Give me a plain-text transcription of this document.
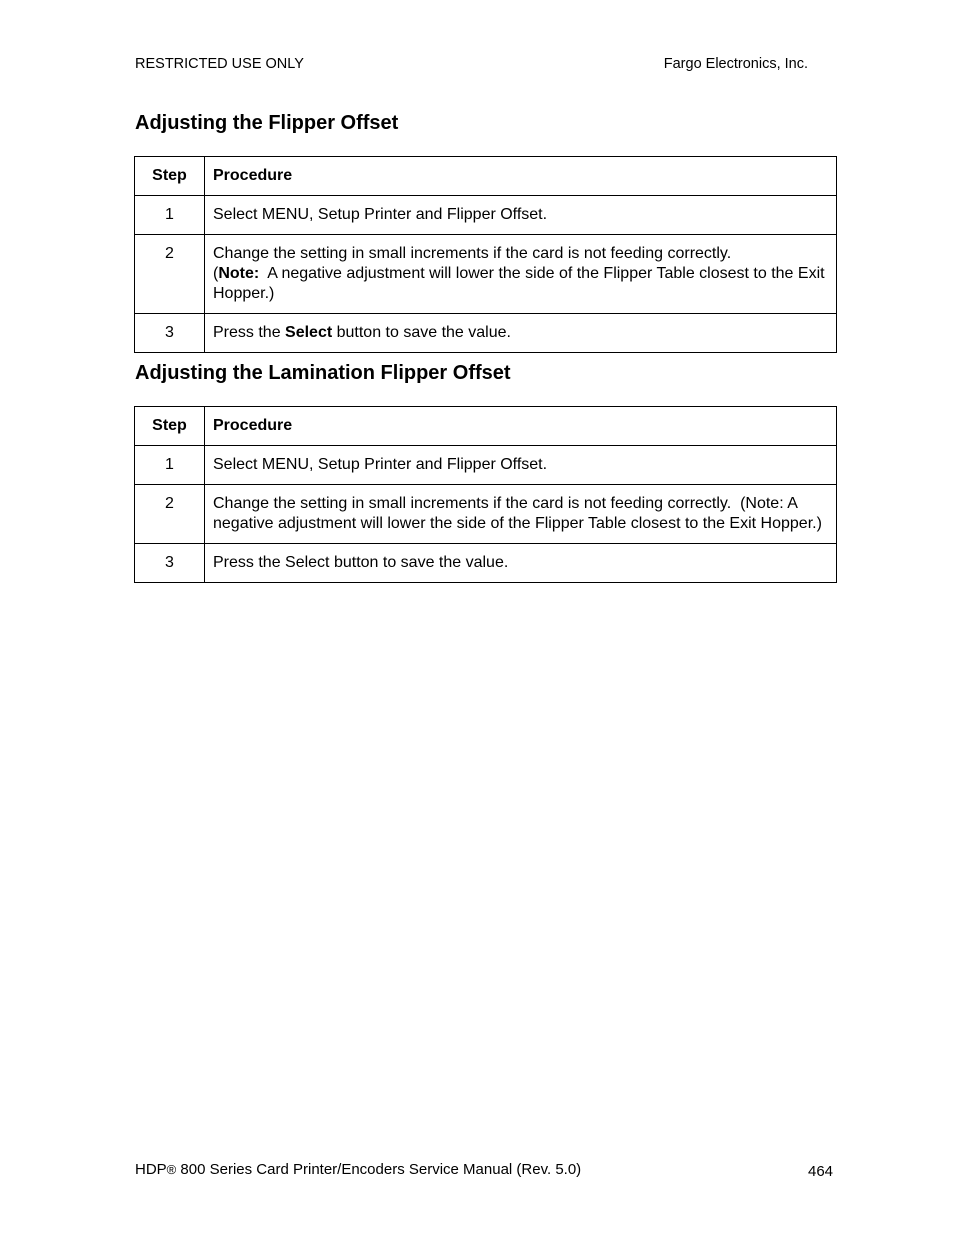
RESTRICTED USE ONLY	Fargo Electronics, Inc.
Adjusting the Flipper Offset
Step	Procedure
1	Select MENU, Setup Printer and Flipper Offset.
2	Change the setting in small increments if the card is not feeding correctly.
(Note:  A negative adjustment will lower the side of the Flipper Table closest to the Exit Hopper.)
3	Press the Select button to save the value.
Adjusting the Lamination Flipper Offset
Step	Procedure
1	Select MENU, Setup Printer and Flipper Offset.
2	Change the setting in small increments if the card is not feeding correctly.  (Note: A negative adjustment will lower the side of the Flipper Table closest to the Exit Hopper.)
3	Press the Select button to save the value.
HDP® 800 Series Card Printer/Encoders Service Manual (Rev. 5.0)	464
